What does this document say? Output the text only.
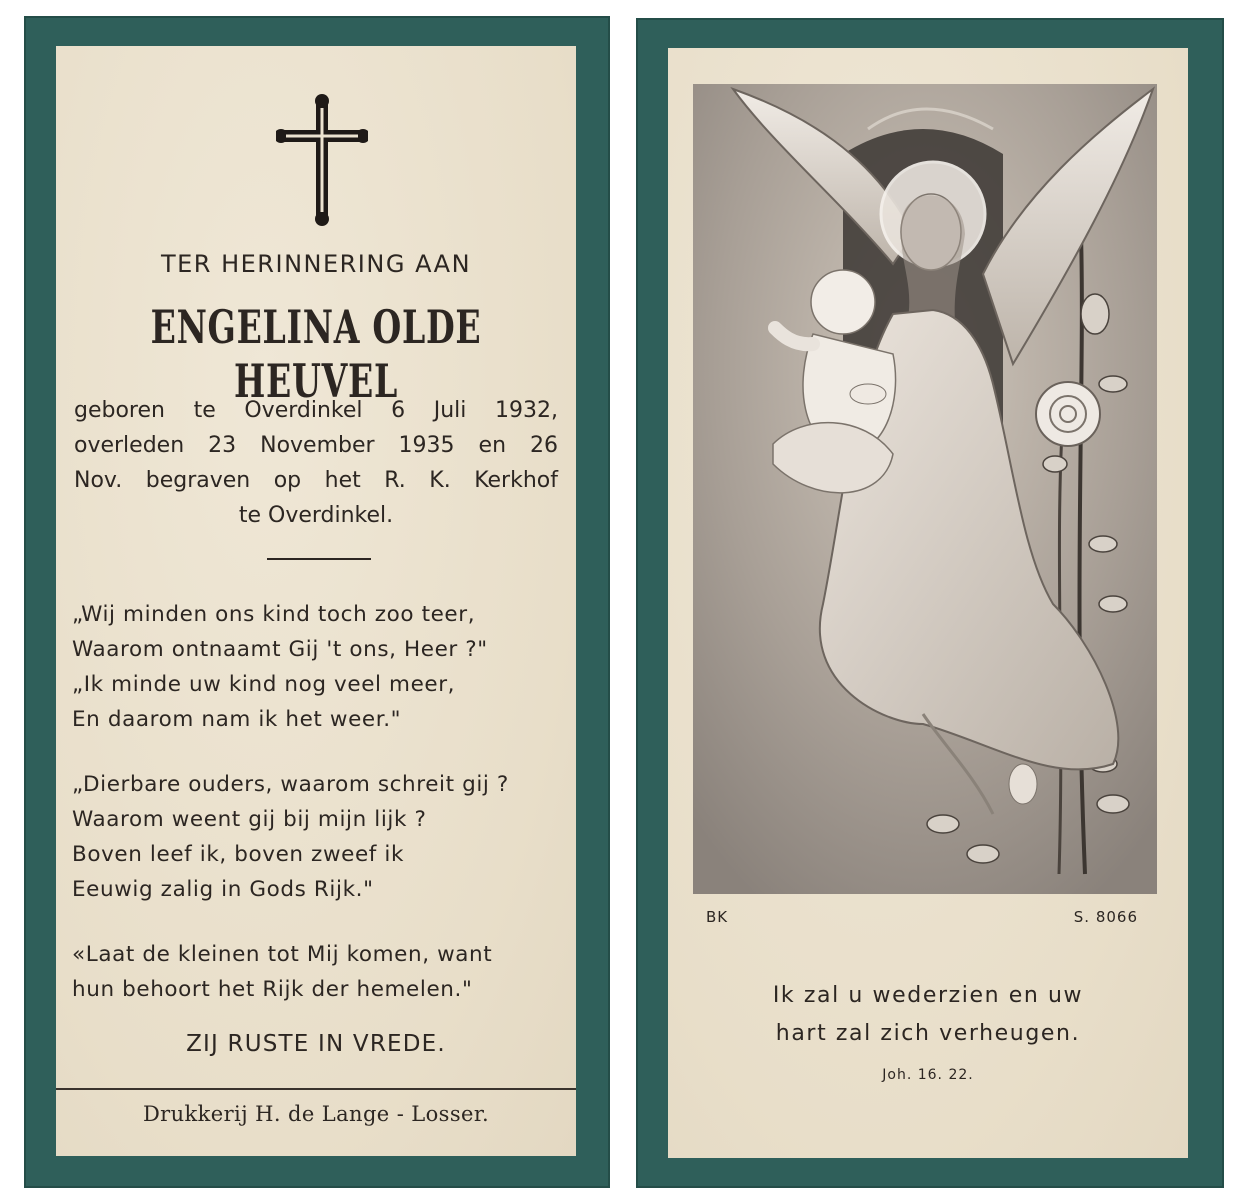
TER HERINNERING AAN
ENGELINA OLDE HEUVEL
geboren te Overdinkel 6 Juli 1932,
overleden 23 November 1935 en 26
Nov. begraven op het R. K. Kerkhof
te Overdinkel.
„Wij minden ons kind toch zoo teer,
Waarom ontnaamt Gij 't ons, Heer ?"
„Ik minde uw kind nog veel meer,
En daarom nam ik het weer."
„Dierbare ouders, waarom schreit gij ?
Waarom weent gij bij mijn lijk ?
Boven leef ik, boven zweef ik
Eeuwig zalig in Gods Rijk."
«Laat de kleinen tot Mij komen, want
hun behoort het Rijk der hemelen."
ZIJ RUSTE IN VREDE.
Drukkerij H. de Lange - Losser.
BK	S. 8066
Ik zal u wederzien en uw
hart zal zich verheugen.
Joh. 16. 22.
